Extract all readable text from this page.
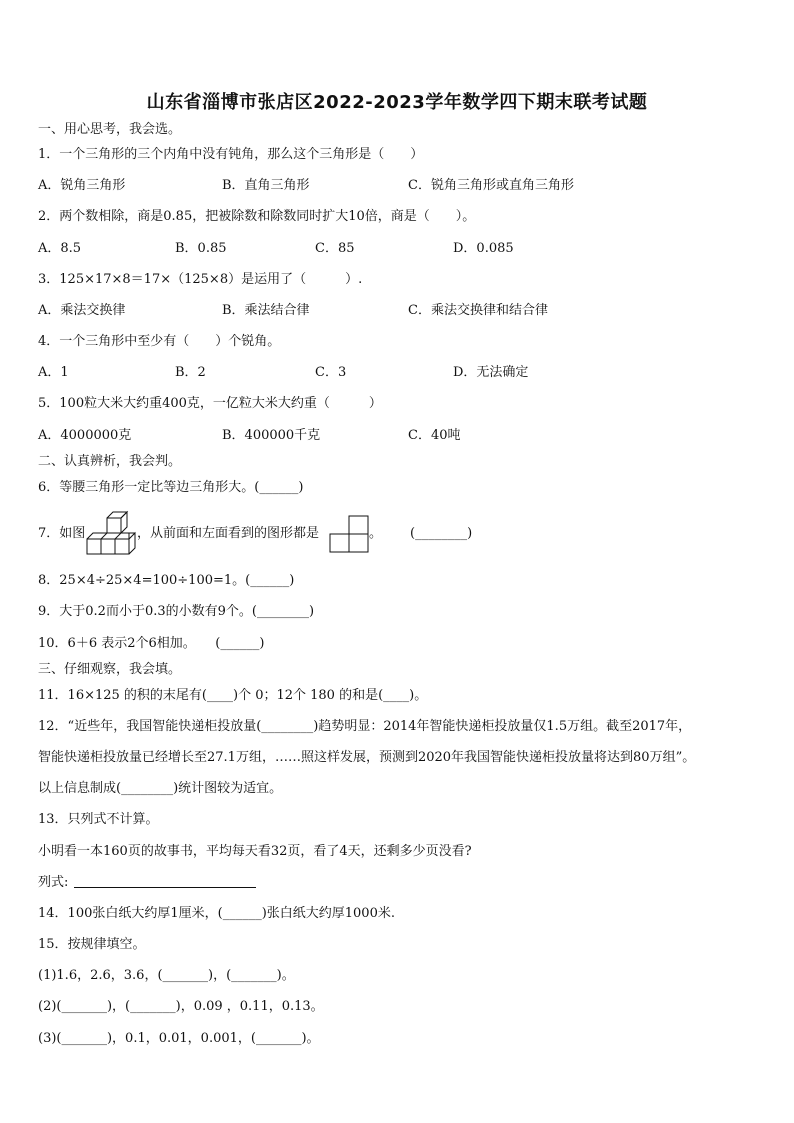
山东省淄博市张店区2022-2023学年数学四下期末联考试题
一、用心思考，我会选。
1．一个三角形的三个内角中没有钝角，那么这个三角形是（　　）
A．锐角三角形	B．直角三角形	C．锐角三角形或直角三角形
2．两个数相除，商是0.85，把被除数和除数同时扩大10倍，商是（　　）。
A．8.5	B．0.85	C．85	D．0.085
3．125×17×8＝17×（125×8）是运用了（　　　）.
A．乘法交换律	B．乘法结合律	C．乘法交换律和结合律
4．一个三角形中至少有（　　）个锐角。
A．1	B．2	C．3	D．无法确定
5．100粒大米大约重400克，一亿粒大米大约重（　　　）
A．4000000克	B．400000千克	C．40吨
二、认真辨析，我会判。
6．等腰三角形一定比等边三角形大。(______)
7．如图	，从前面和左面看到的图形都是	。 (________)
8．25×4÷25×4=100÷100=1。(______)
9．大于0.2而小于0.3的小数有9个。(________)
10．6＋6 表示2个6相加。　　(______)
三、仔细观察，我会填。
11．16×125 的积的末尾有(____)个 0；12个 180 的和是(____)。
12．“近些年，我国智能快递柜投放量(________)趋势明显：2014年智能快递柜投放量仅1.5万组。截至2017年，
智能快递柜投放量已经增长至27.1万组，……照这样发展，预测到2020年我国智能快递柜投放量将达到80万组”。
以上信息制成(________)统计图较为适宜。
13．只列式不计算。
小明看一本160页的故事书，平均每天看32页，看了4天，还剩多少页没看?
列式:
14．100张白纸大约厚1厘米，(______)张白纸大约厚1000米.
15．按规律填空。
(1)1.6，2.6，3.6，(_______)，(_______)。
(2)(_______)，(_______)，0.09 ，0.11，0.13。
(3)(_______)，0.1，0.01，0.001，(_______)。
